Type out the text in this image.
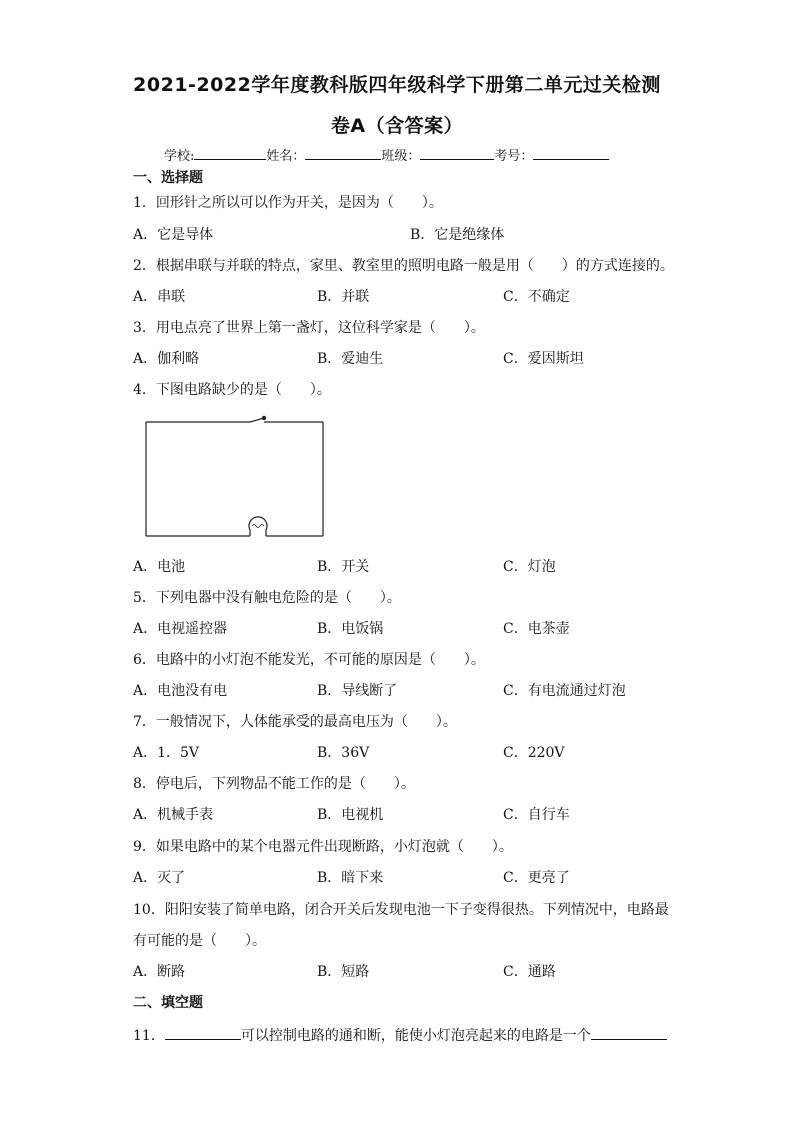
2021-2022学年度教科版四年级科学下册第二单元过关检测
卷A（含答案）
学校:	姓名：	班级：	考号：
一、选择题
1．回形针之所以可以作为开关，是因为（　　）。
A．它是导体	B．它是绝缘体
2．根据串联与并联的特点，家里、教室里的照明电路一般是用（　　）的方式连接的。
A．串联	B．并联	C．不确定
3．用电点亮了世界上第一盏灯，这位科学家是（　　）。
A．伽利略	B．爱迪生	C．爱因斯坦
4．下图电路缺少的是（　　）。
A．电池	B．开关	C．灯泡
5．下列电器中没有触电危险的是（　　）。
A．电视遥控器	B．电饭锅	C．电茶壶
6．电路中的小灯泡不能发光，不可能的原因是（　　）。
A．电池没有电	B．导线断了	C．有电流通过灯泡
7．一般情况下，人体能承受的最高电压为（　　）。
A．1．5V	B．36V	C．220V
8．停电后，下列物品不能工作的是（　　）。
A．机械手表	B．电视机	C．自行车
9．如果电路中的某个电器元件出现断路，小灯泡就（　　）。
A．灭了	B．暗下来	C．更亮了
10．阳阳安装了简单电路，闭合开关后发现电池一下子变得很热。下列情况中，电路最
有可能的是（　　）。
A．断路	B．短路	C．通路
二、填空题
11．	可以控制电路的通和断，能使小灯泡亮起来的电路是一个
